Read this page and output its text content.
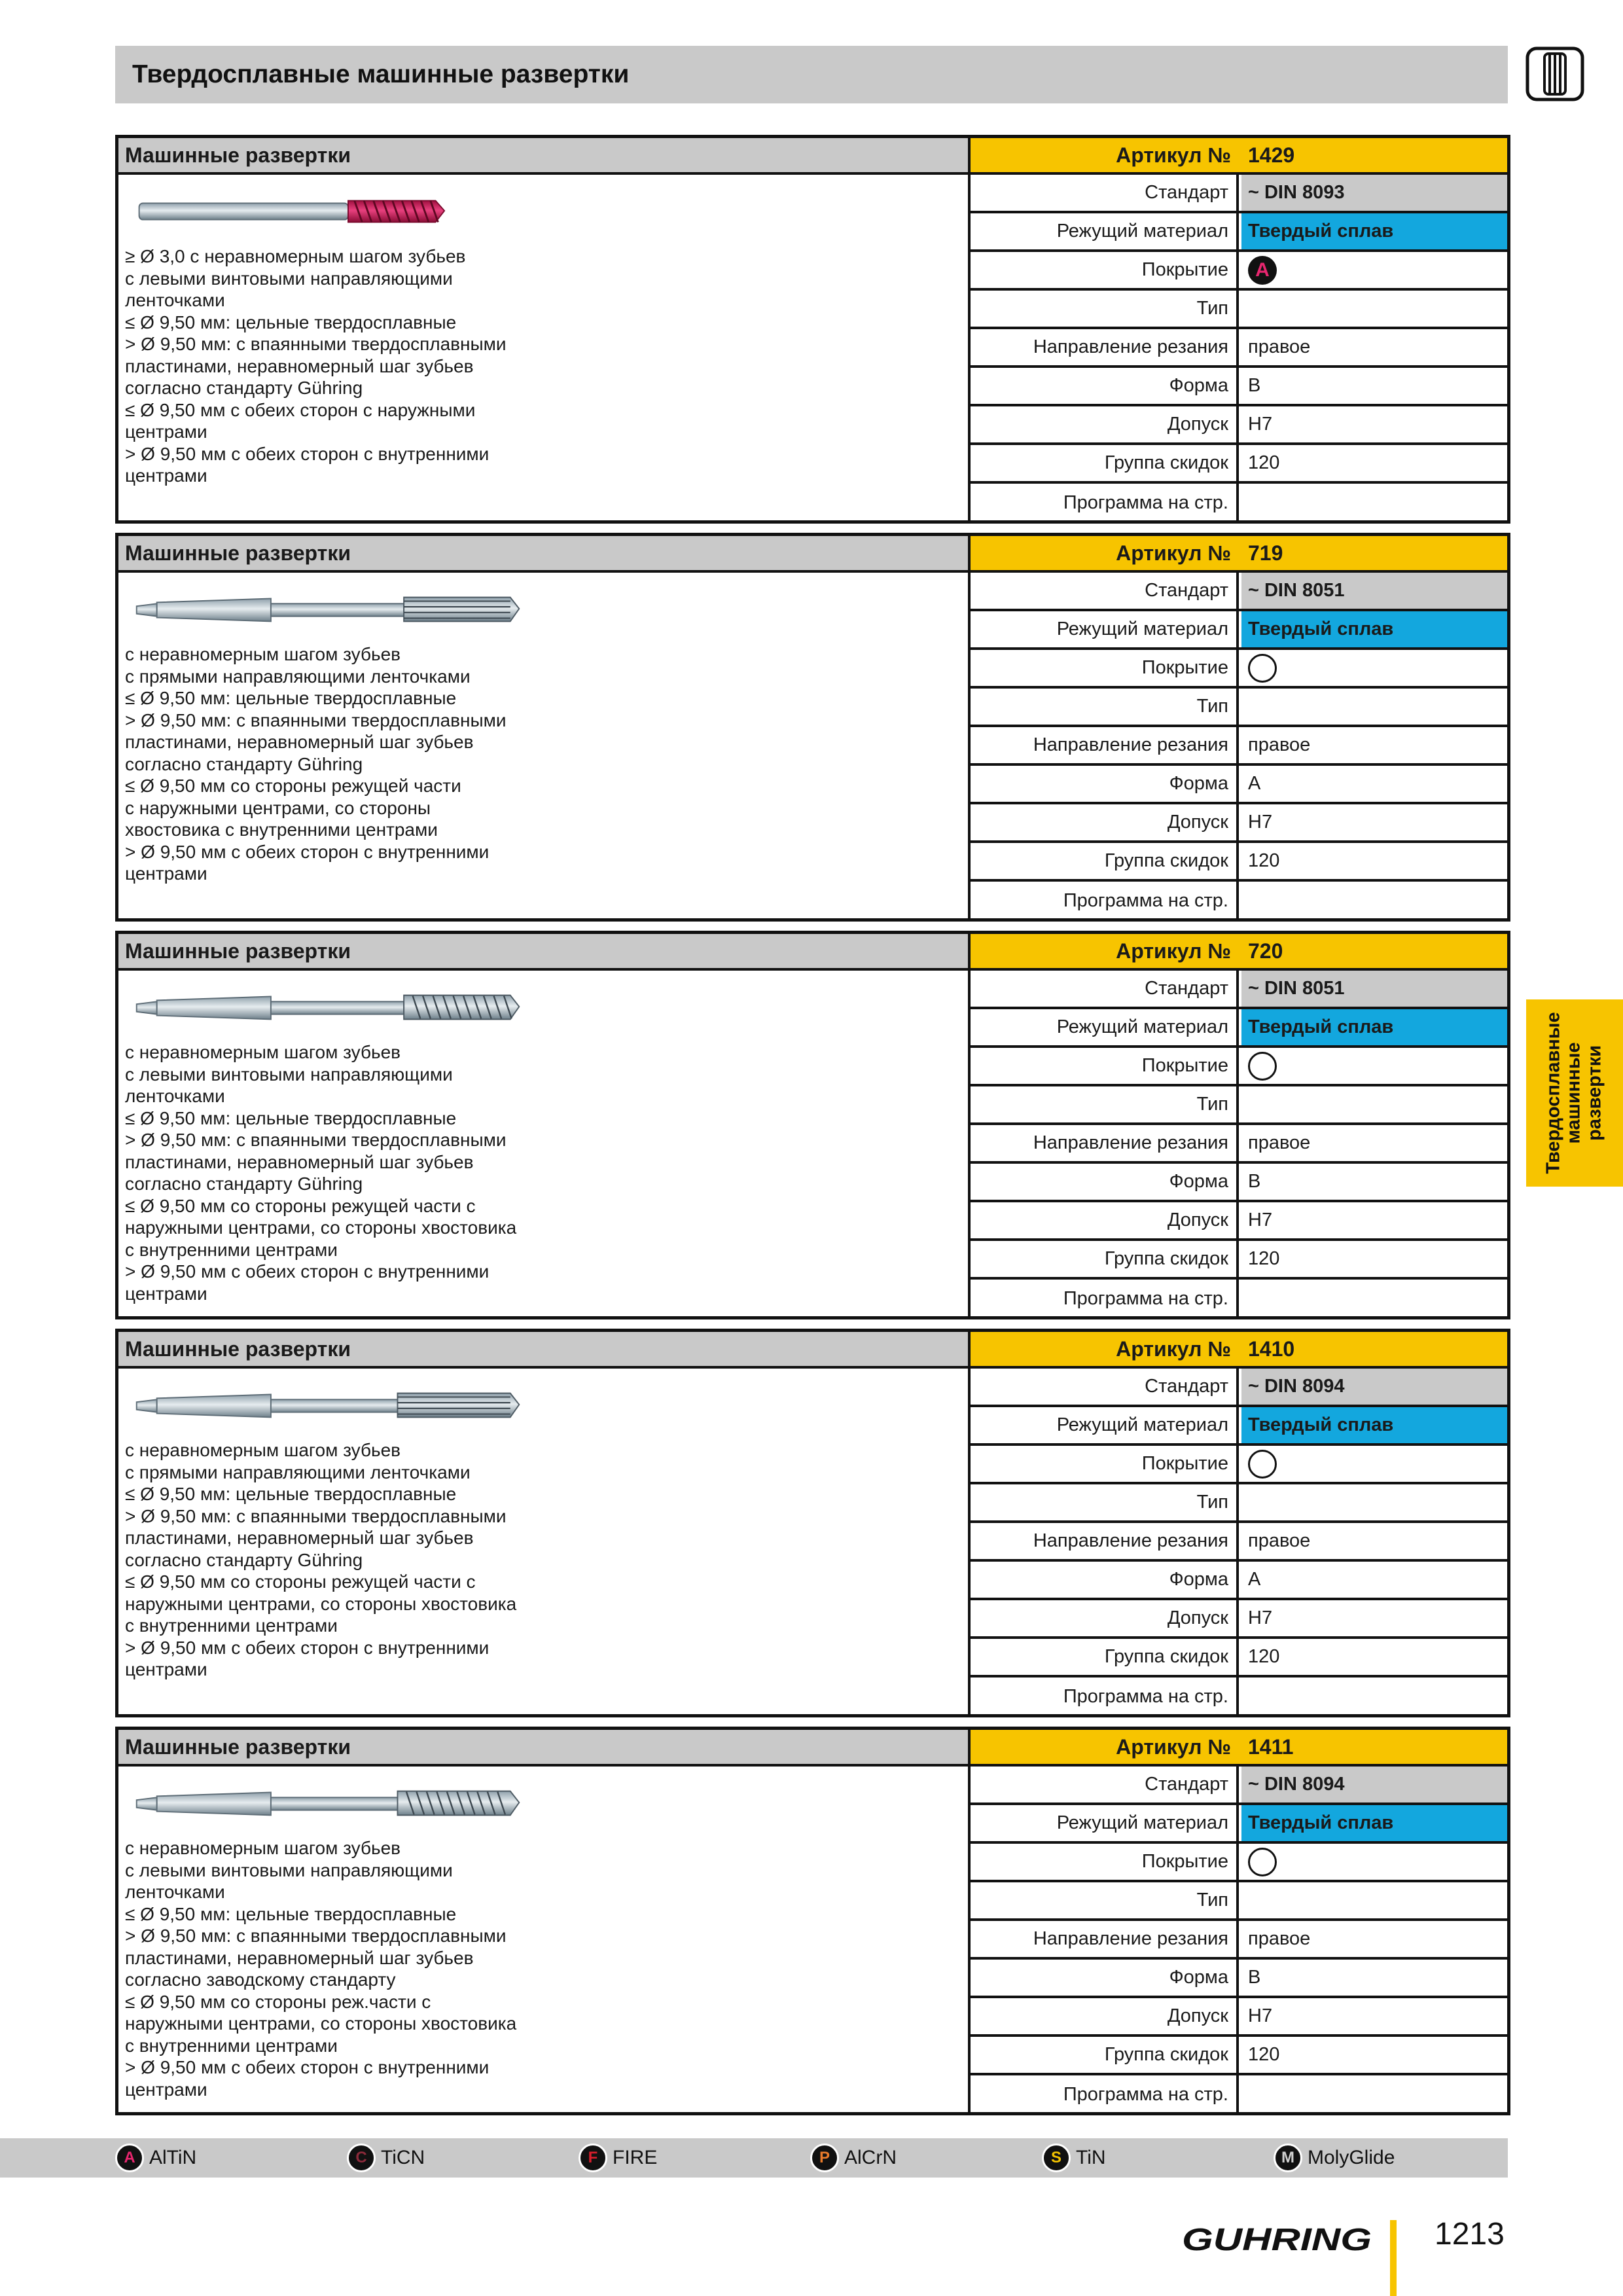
Твердосплавные машинные развертки
Твердосплавные
машинные
развертки
Машинные развертки	Артикул № 1429
≥ Ø 3,0 с неравномерным шагом зубьев
с левыми винтовыми направляющими
ленточками
≤ Ø 9,50 мм: цельные твердосплавные
> Ø 9,50 мм: с впаянными твердосплавными
пластинами, неравномерный шаг зубьев
согласно стандарту Gühring
≤ Ø 9,50 мм с обеих сторон с наружными
центрами
> Ø 9,50 мм с обеих сторон с внутренними
центрами
Стандарт	~ DIN 8093
Режущий материал	Твердый сплав
Покрытие	A
Тип
Направление резания	правое
Форма	B
Допуск	H7
Группа скидок	120
Программа на стр.
Машинные развертки	Артикул № 719
с неравномерным шагом зубьев
с прямыми направляющими ленточками
≤ Ø 9,50 мм: цельные твердосплавные
> Ø 9,50 мм: с впаянными твердосплавными
пластинами, неравномерный шаг зубьев
согласно стандарту Gühring
≤ Ø 9,50 мм со стороны режущей части
с наружными центрами, со стороны
хвостовика с внутренними центрами
> Ø 9,50 мм с обеих сторон с внутренними
центрами
Стандарт	~ DIN 8051
Режущий материал	Твердый сплав
Покрытие
Тип
Направление резания	правое
Форма	A
Допуск	H7
Группа скидок	120
Программа на стр.
Машинные развертки	Артикул № 720
с неравномерным шагом зубьев
с левыми винтовыми направляющими
ленточками
≤ Ø 9,50 мм: цельные твердосплавные
> Ø 9,50 мм: с впаянными твердосплавными
пластинами, неравномерный шаг зубьев
согласно стандарту Gühring
≤ Ø 9,50 мм со стороны режущей части с
наружными центрами, со стороны хвостовика
с внутренними центрами
> Ø 9,50 мм с обеих сторон с внутренними
центрами
Стандарт	~ DIN 8051
Режущий материал	Твердый сплав
Покрытие
Тип
Направление резания	правое
Форма	B
Допуск	H7
Группа скидок	120
Программа на стр.
Машинные развертки	Артикул № 1410
с неравномерным шагом зубьев
с прямыми направляющими ленточками
≤ Ø 9,50 мм: цельные твердосплавные
> Ø 9,50 мм: с впаянными твердосплавными
пластинами, неравномерный шаг зубьев
согласно стандарту Gühring
≤ Ø 9,50 мм со стороны режущей части с
наружными центрами, со стороны хвостовика
с внутренними центрами
> Ø 9,50 мм с обеих сторон с внутренними
центрами
Стандарт	~ DIN 8094
Режущий материал	Твердый сплав
Покрытие
Тип
Направление резания	правое
Форма	A
Допуск	H7
Группа скидок	120
Программа на стр.
Машинные развертки	Артикул № 1411
с неравномерным шагом зубьев
с левыми винтовыми направляющими
ленточками
≤ Ø 9,50 мм: цельные твердосплавные
> Ø 9,50 мм: с впаянными твердосплавными
пластинами, неравномерный шаг зубьев
согласно заводскому стандарту
≤ Ø 9,50 мм со стороны реж.части с
наружными центрами, со стороны хвостовика
с внутренними центрами
> Ø 9,50 мм с обеих сторон с внутренними
центрами
Стандарт	~ DIN 8094
Режущий материал	Твердый сплав
Покрытие
Тип
Направление резания	правое
Форма	B
Допуск	H7
Группа скидок	120
Программа на стр.
A AlTiN	C TiCN	F FIRE	P AlCrN	S TiN	M MolyGlide
GUHRING 1213
